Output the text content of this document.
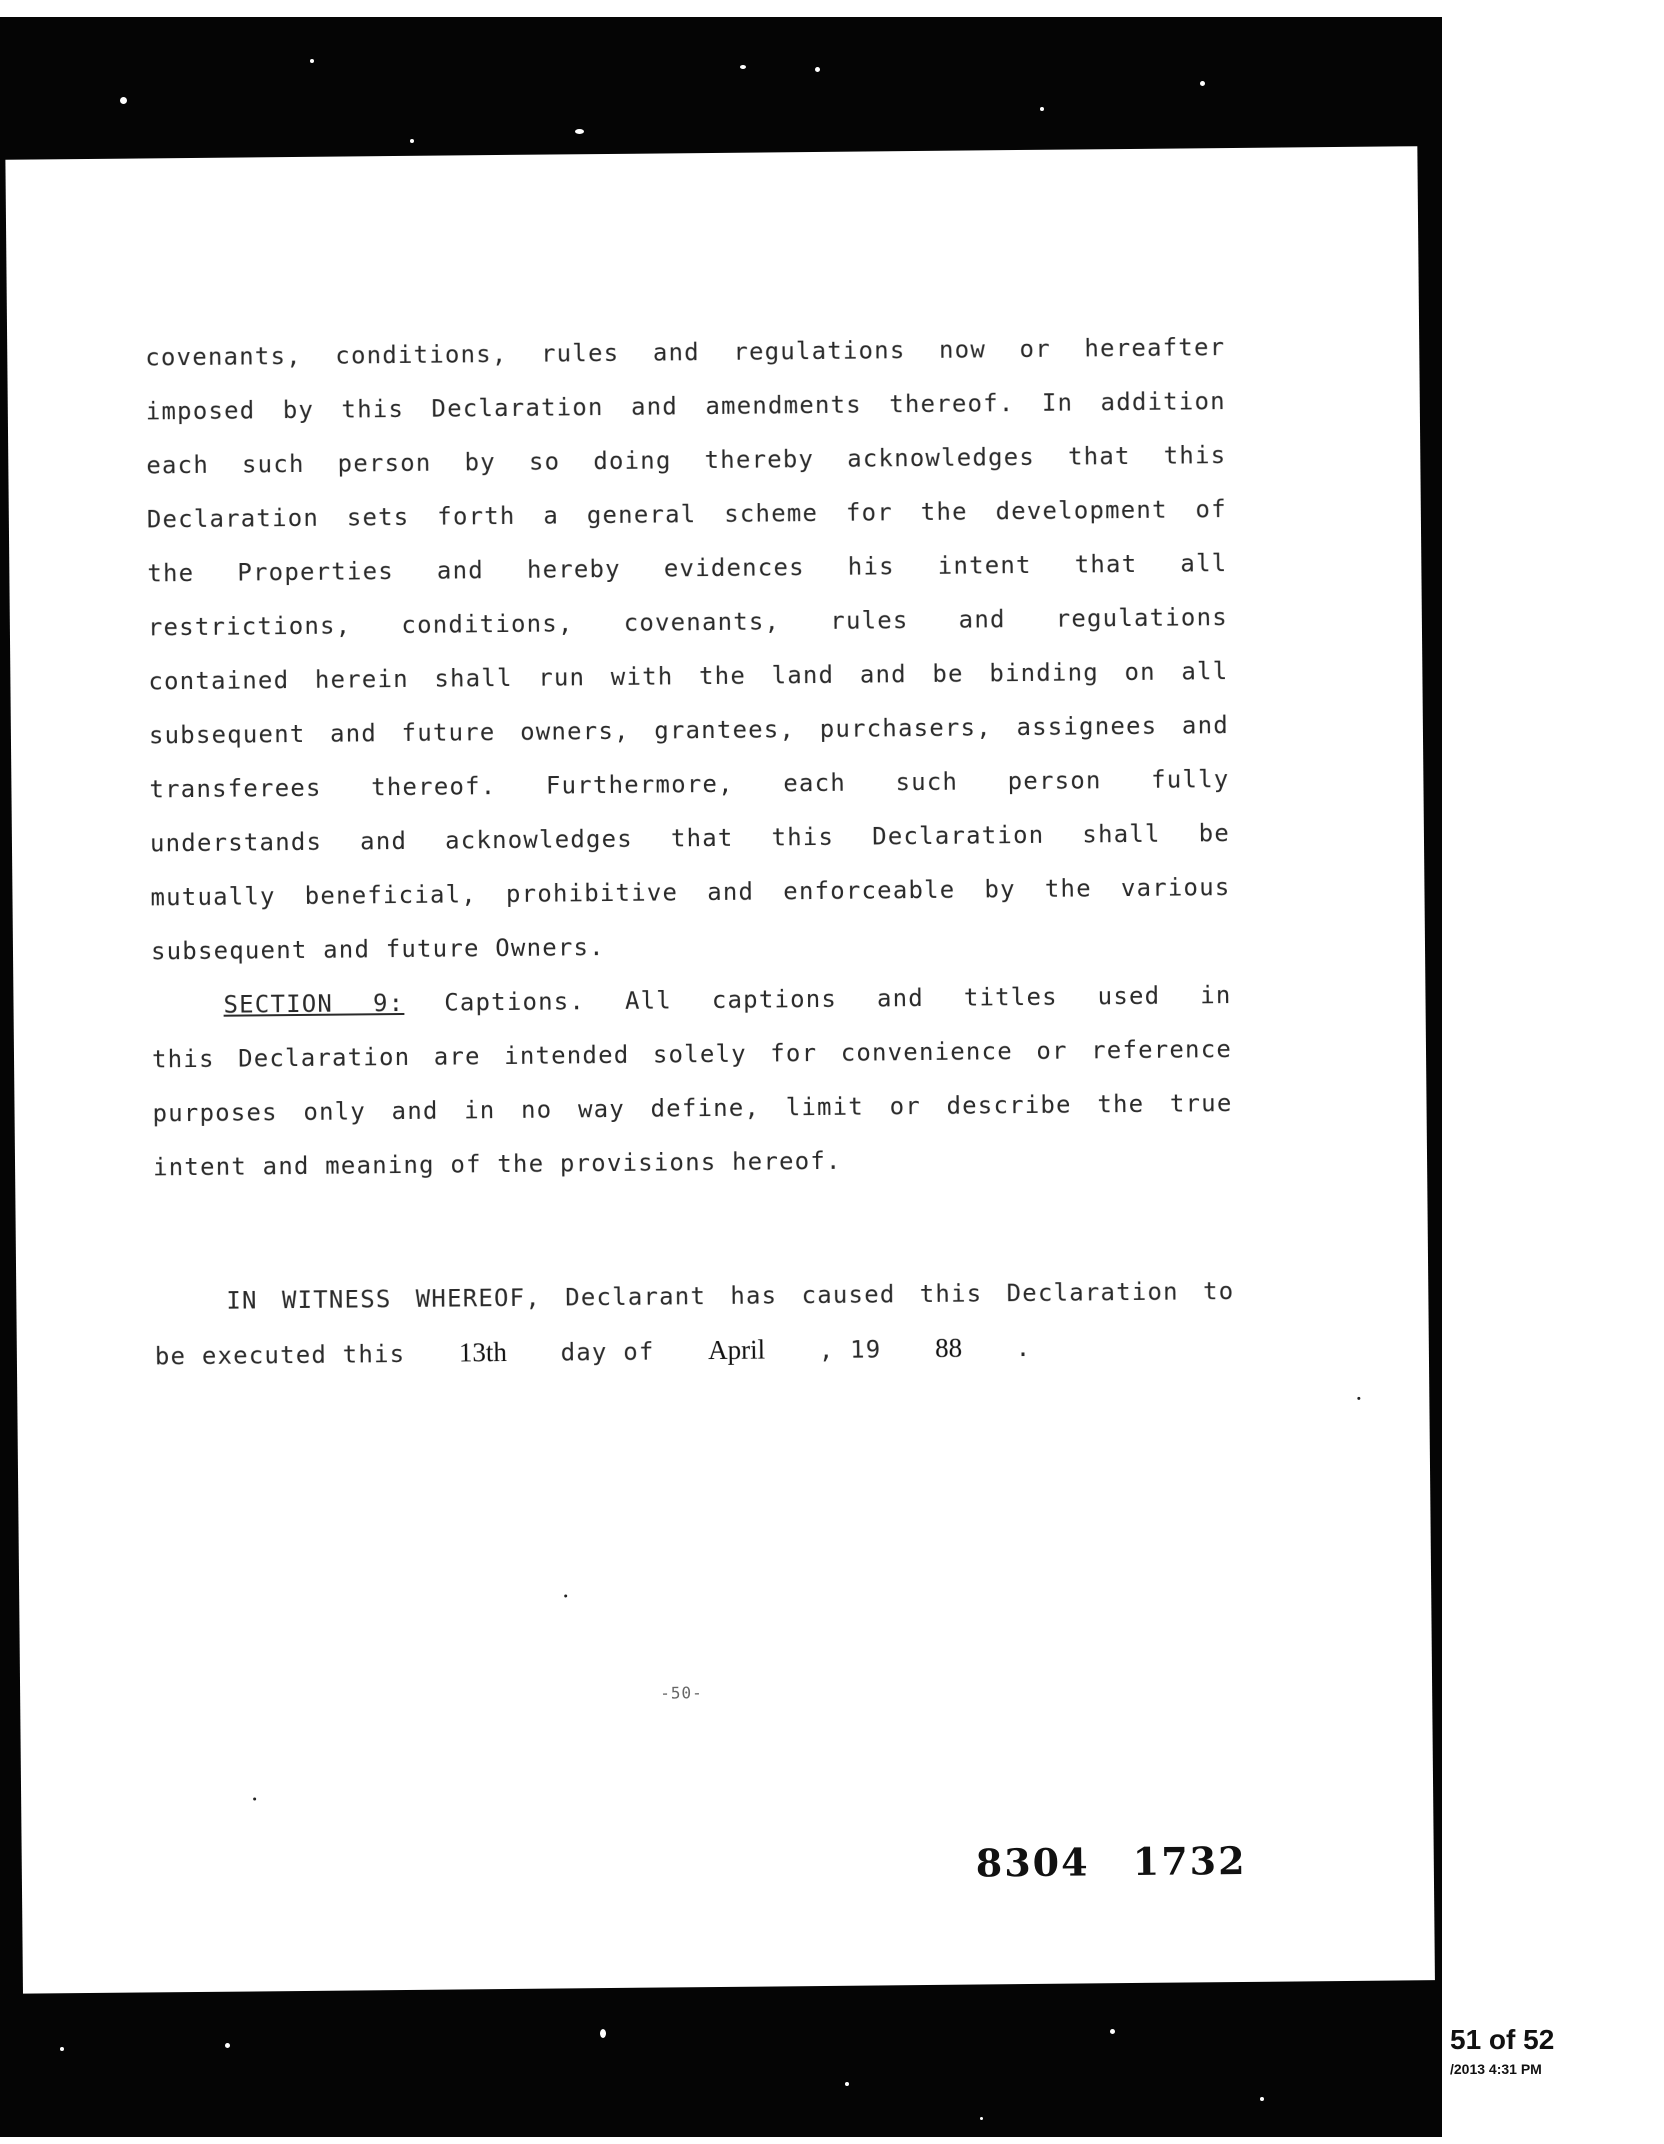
covenants, conditions, rules and regulations now or hereafter
imposed by this Declaration and amendments thereof. In addition
each such person by so doing thereby acknowledges that this
Declaration sets forth a general scheme for the development of
the Properties and hereby evidences his intent that all
restrictions, conditions, covenants, rules and regulations
contained herein shall run with the land and be binding on all
subsequent and future owners, grantees, purchasers, assignees and
transferees thereof. Furthermore, each such person fully
understands and acknowledges that this Declaration shall be
mutually beneficial, prohibitive and enforceable by the various
subsequent and future Owners.
SECTION 9: Captions. All captions and titles used in
this Declaration are intended solely for convenience or reference
purposes only and in no way define, limit or describe the true
intent and meaning of the provisions hereof.
IN WITNESS WHEREOF, Declarant has caused this Declaration to
be executed this 13th day of April , 19 88 .
-50-
8304 1732
51 of 52
/2013 4:31 PM
